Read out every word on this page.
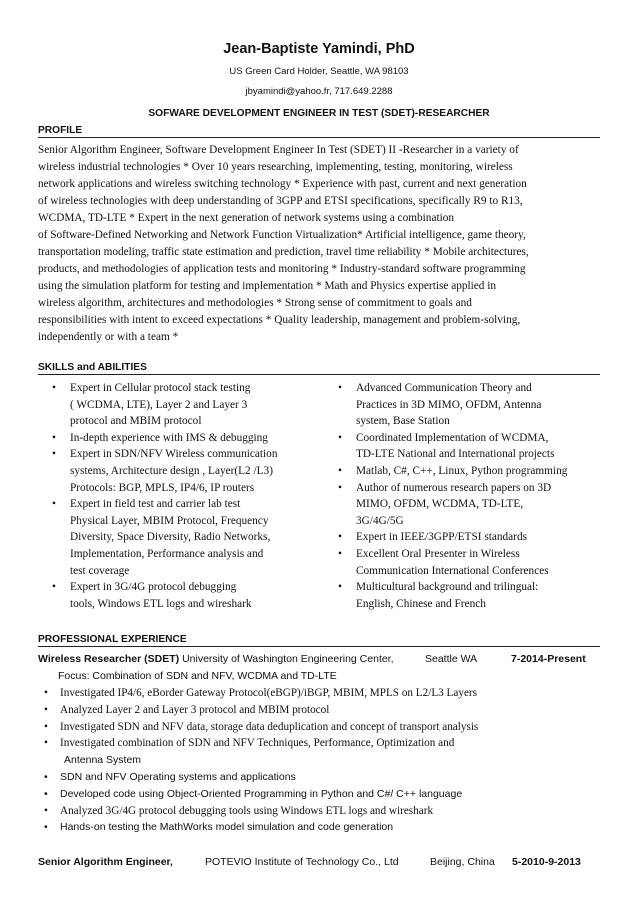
Jean-Baptiste Yamindi, PhD
US Green Card Holder, Seattle, WA 98103
jbyamindi@yahoo.fr, 717.649.2288
SOFWARE DEVELOPMENT ENGINEER IN TEST (SDET)-RESEARCHER
PROFILE
Senior Algorithm Engineer, Software Development Engineer In Test (SDET) II -Researcher in a variety of
wireless industrial technologies * Over 10 years researching, implementing, testing, monitoring, wireless
network applications and wireless switching technology * Experience with past, current and next generation
of wireless technologies with deep understanding of 3GPP and ETSI specifications, specifically R9 to R13,
WCDMA, TD-LTE * Expert in the next generation of network systems using a combination
of Software-Defined Networking and Network Function Virtualization* Artificial intelligence, game theory,
transportation modeling, traffic state estimation and prediction, travel time reliability * Mobile architectures,
products, and methodologies of application tests and monitoring * Industry-standard software programming
using the simulation platform for testing and implementation * Math and Physics expertise applied in
wireless algorithm, architectures and methodologies * Strong sense of commitment to goals and
responsibilities with intent to exceed expectations * Quality leadership, management and problem-solving,
independently or with a team *
SKILLS and ABILITIES
• Expert in Cellular protocol stack testing
( WCDMA, LTE), Layer 2 and Layer 3
protocol and MBIM protocol
• In-depth experience with IMS & debugging
• Expert in SDN/NFV Wireless communication
systems, Architecture design , Layer(L2 /L3)
Protocols: BGP, MPLS, IP4/6, IP routers
• Expert in field test and carrier lab test
Physical Layer, MBIM Protocol, Frequency
Diversity, Space Diversity, Radio Networks,
Implementation, Performance analysis and
test coverage
• Expert in 3G/4G protocol debugging
tools, Windows ETL logs and wireshark
• Advanced Communication Theory and
Practices in 3D MIMO, OFDM, Antenna
system, Base Station
• Coordinated Implementation of WCDMA,
TD-LTE National and International projects
• Matlab, C#, C++, Linux, Python programming
• Author of numerous research papers on 3D
MIMO, OFDM, WCDMA, TD-LTE,
3G/4G/5G
• Expert in IEEE/3GPP/ETSI standards
• Excellent Oral Presenter in Wireless
Communication International Conferences
• Multicultural background and trilingual:
English, Chinese and French
PROFESSIONAL EXPERIENCE
Wireless Researcher (SDET) University of Washington Engineering Center,	Seattle WA	7-2014-Present
Focus: Combination of SDN and NFV, WCDMA and TD-LTE
• Investigated IP4/6, eBorder Gateway Protocol(eBGP)/iBGP, MBIM, MPLS on L2/L3 Layers
• Analyzed Layer 2 and Layer 3 protocol and MBIM protocol
• Investigated SDN and NFV data, storage data deduplication and concept of transport analysis
• Investigated combination of SDN and NFV Techniques, Performance, Optimization and
Antenna System
• SDN and NFV Operating systems and applications
• Developed code using Object-Oriented Programming in Python and C#/ C++ language
• Analyzed 3G/4G protocol debugging tools using Windows ETL logs and wireshark
• Hands-on testing the MathWorks model simulation and code generation
Senior Algorithm Engineer,	POTEVIO Institute of Technology Co., Ltd	Beijing, China 5-2010-9-2013
